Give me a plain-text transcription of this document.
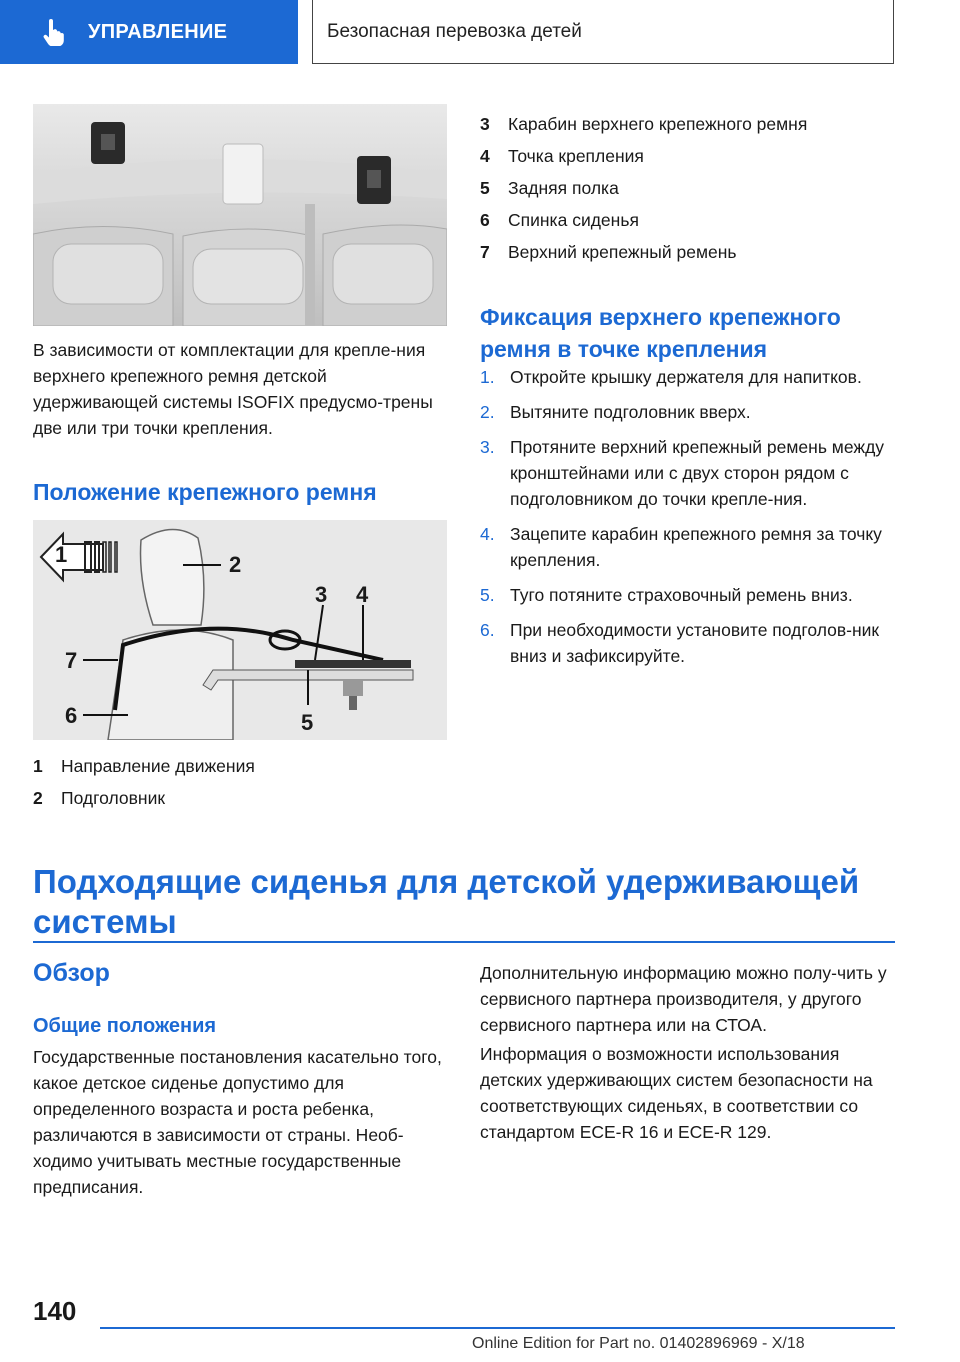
УПРАВЛЕНИЕ	Безопасная перевозка детей
В зависимости от комплектации для крепле-ния верхнего крепежного ремня детской удерживающей системы ISOFIX предусмо-трены две или три точки крепления.
Положение крепежного ремня
1	2
3 4
5
6
7
1	Направление движения
2	Подголовник
3	Карабин верхнего крепежного ремня
4	Точка крепления
5	Задняя полка
6	Спинка сиденья
7	Верхний крепежный ремень
Фиксация верхнего крепежного ремня в точке крепления
1. Откройте крышку держателя для напитков.
2. Вытяните подголовник вверх.
3. Протяните верхний крепежный ремень между кронштейнами или с двух сторон рядом с подголовником до точки крепле-ния.
4. Зацепите карабин крепежного ремня за точку крепления.
5. Туго потяните страховочный ремень вниз.
6. При необходимости установите подголов-ник вниз и зафиксируйте.
Подходящие сиденья для детской удерживающей системы
Обзор
Общие положения
Государственные постановления касательно того, какое детское сиденье допустимо для определенного возраста и роста ребенка, различаются в зависимости от страны. Необ-ходимо учитывать местные государственные предписания.
Дополнительную информацию можно полу-чить у сервисного партнера производителя, у другого сервисного партнера или на СТОА.
Информация о возможности использования детских удерживающих систем безопасности на соответствующих сиденьях, в соответствии со стандартом ECE-R 16 и ECE-R 129.
140
Online Edition for Part no. 01402896969 - X/18
